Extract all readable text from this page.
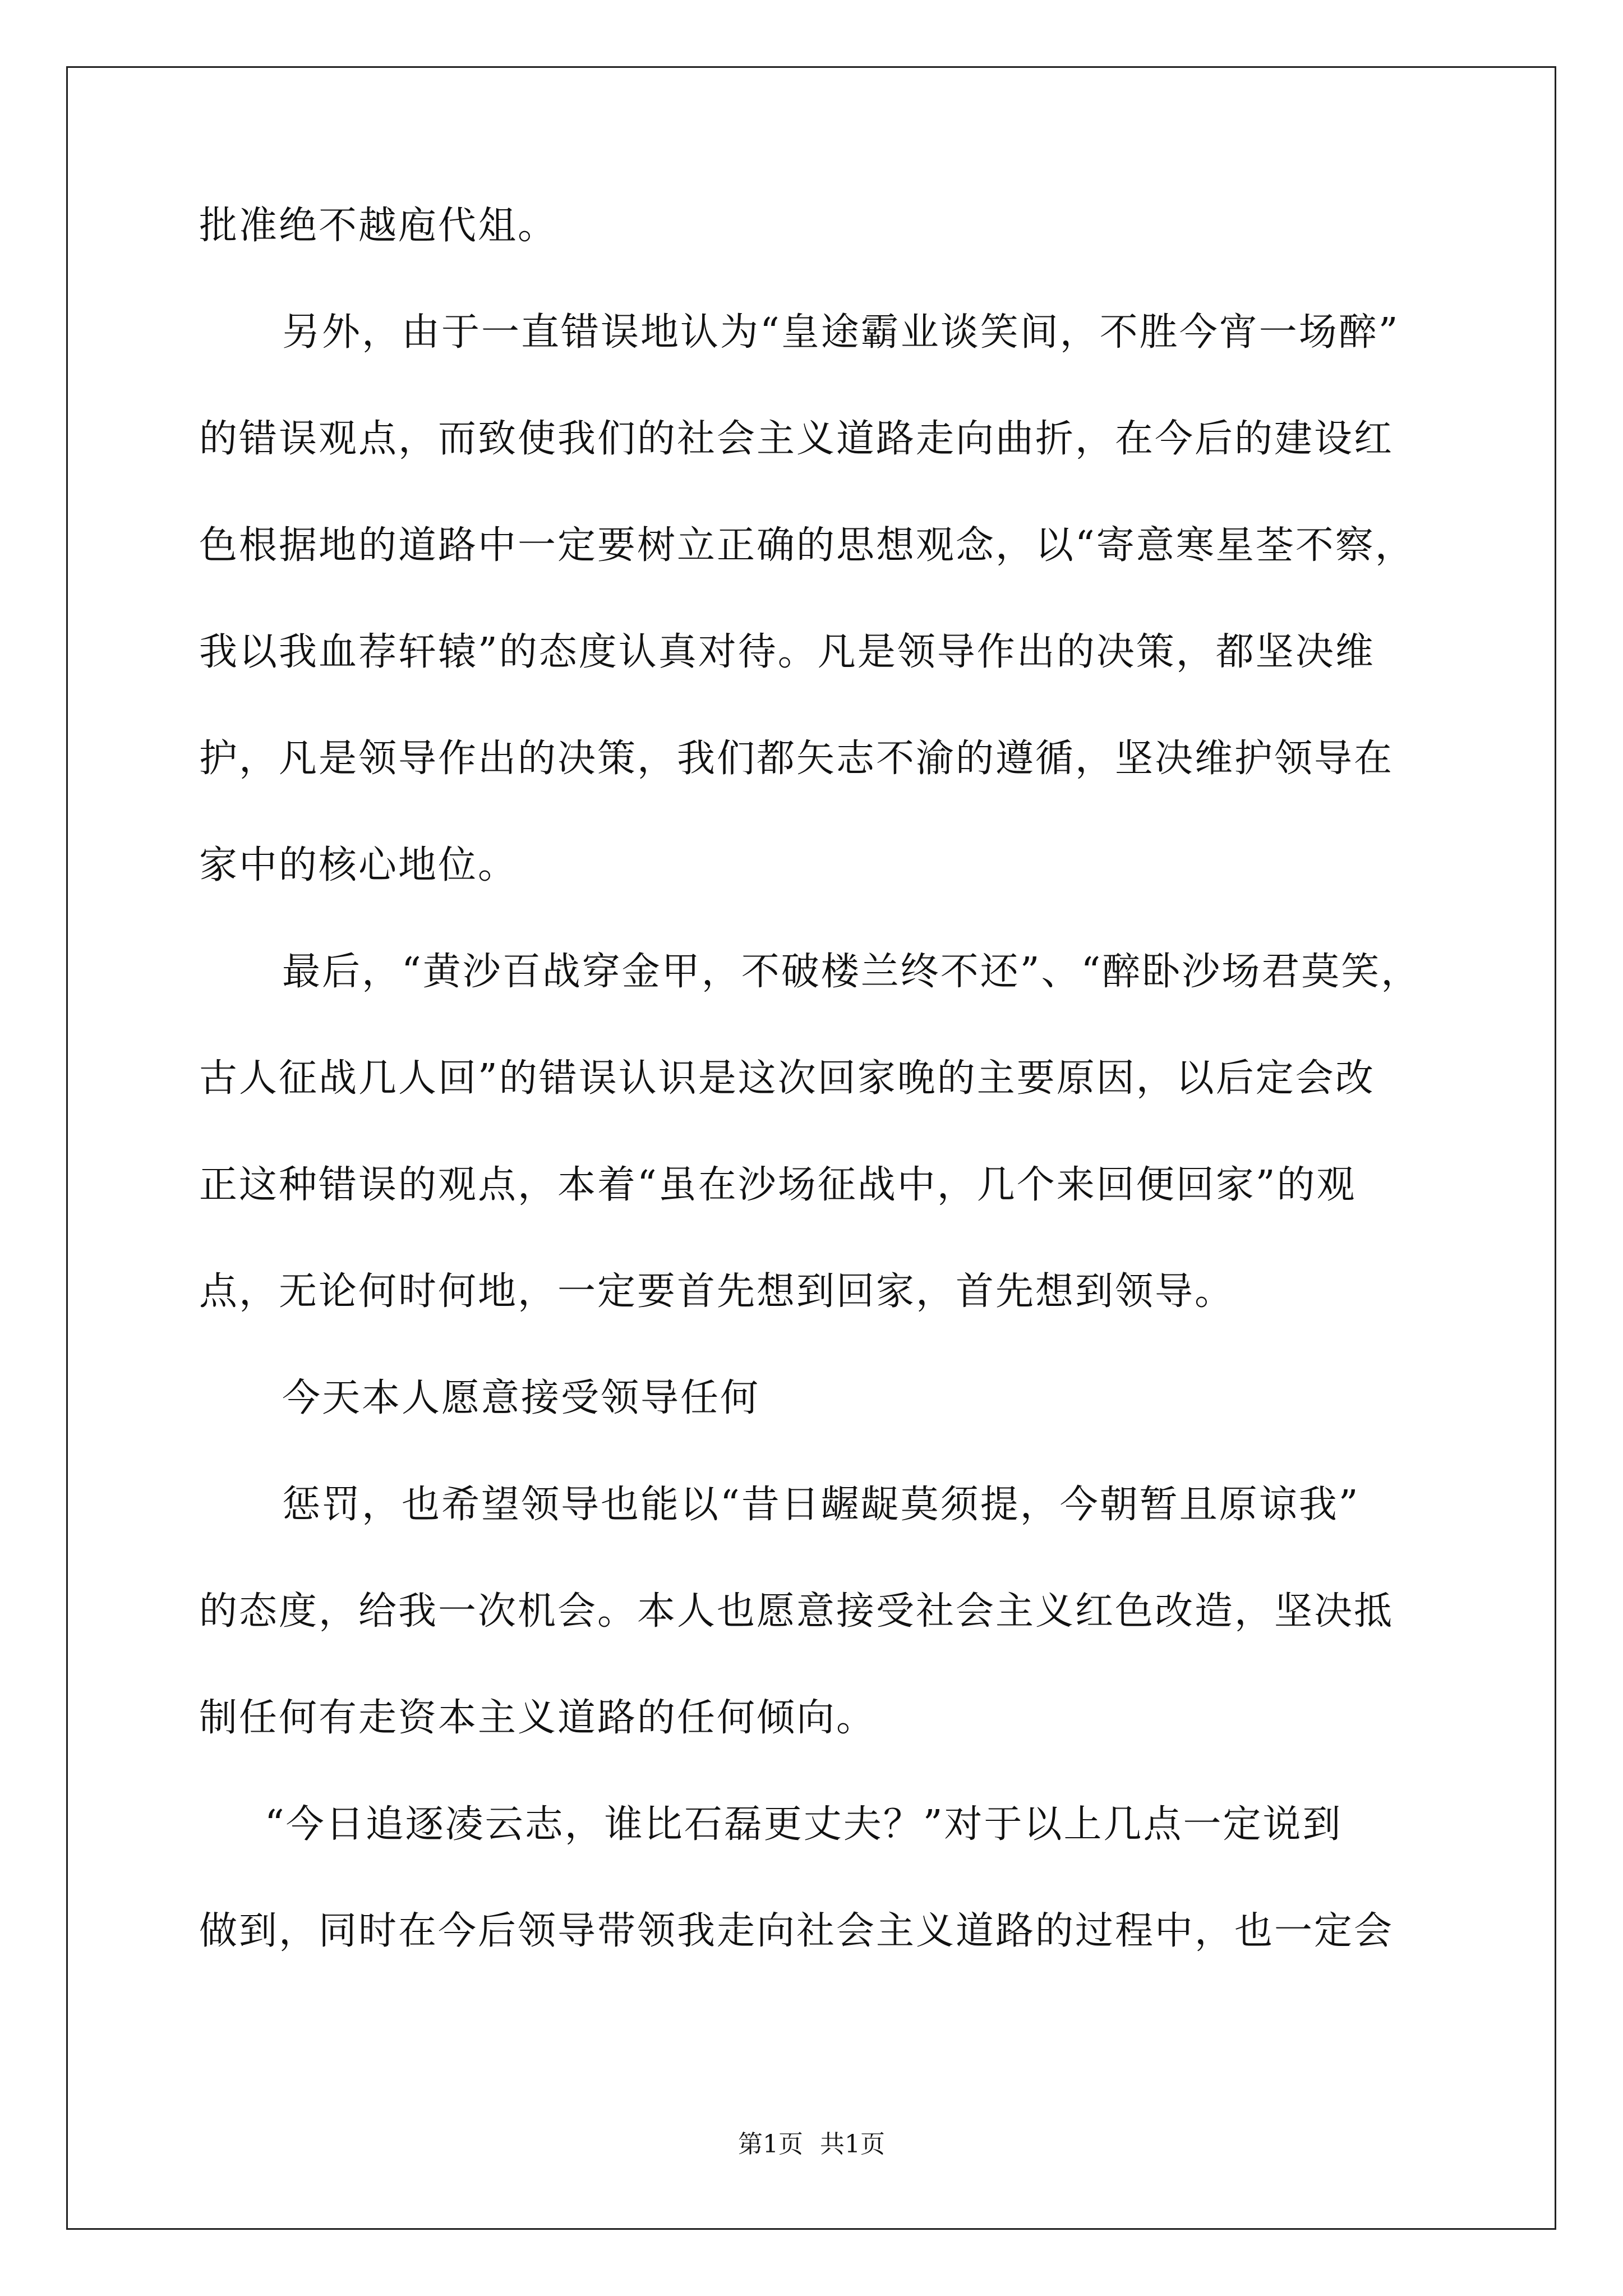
批准绝不越庖代俎。
另外，由于一直错误地认为“皇途霸业谈笑间，不胜今宵一场醉”
的错误观点，而致使我们的社会主义道路走向曲折，在今后的建设红
色根据地的道路中一定要树立正确的思想观念，以“寄意寒星荃不察，
我以我血荐轩辕”的态度认真对待。凡是领导作出的决策，都坚决维
护，凡是领导作出的决策，我们都矢志不渝的遵循，坚决维护领导在
家中的核心地位。
最后，“黄沙百战穿金甲，不破楼兰终不还”、“醉卧沙场君莫笑，
古人征战几人回”的错误认识是这次回家晚的主要原因，以后定会改
正这种错误的观点，本着“虽在沙场征战中，几个来回便回家”的观
点，无论何时何地，一定要首先想到回家，首先想到领导。
今天本人愿意接受领导任何
惩罚，也希望领导也能以“昔日龌龊莫须提，今朝暂且原谅我”
的态度，给我一次机会。本人也愿意接受社会主义红色改造，坚决抵
制任何有走资本主义道路的任何倾向。
“今日追逐凌云志，谁比石磊更丈夫？”对于以上几点一定说到
做到，同时在今后领导带领我走向社会主义道路的过程中，也一定会
第1页 共1页
